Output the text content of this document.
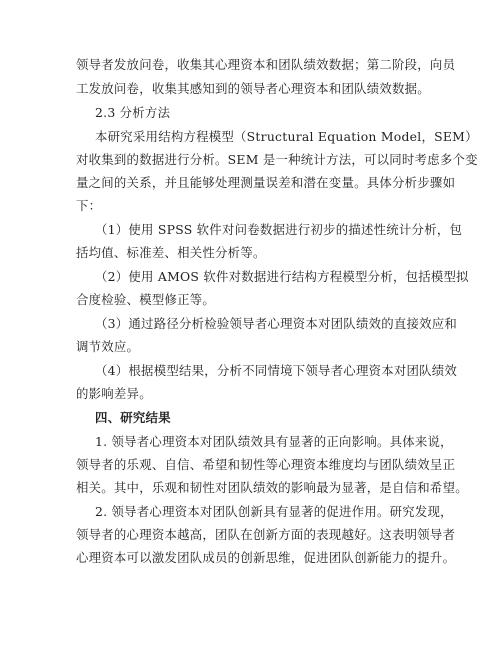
领导者发放问卷，收集其心理资本和团队绩效数据；第二阶段，向员
工发放问卷，收集其感知到的领导者心理资本和团队绩效数据。
2.3 分析方法
本研究采用结构方程模型（Structural Equation Model，SEM）
对收集到的数据进行分析。SEM 是一种统计方法，可以同时考虑多个变
量之间的关系，并且能够处理测量误差和潜在变量。具体分析步骤如
下：
（1）使用 SPSS 软件对问卷数据进行初步的描述性统计分析，包
括均值、标准差、相关性分析等。
（2）使用 AMOS 软件对数据进行结构方程模型分析，包括模型拟
合度检验、模型修正等。
（3）通过路径分析检验领导者心理资本对团队绩效的直接效应和
调节效应。
（4）根据模型结果，分析不同情境下领导者心理资本对团队绩效
的影响差异。
四、研究结果
1. 领导者心理资本对团队绩效具有显著的正向影响。具体来说，
领导者的乐观、自信、希望和韧性等心理资本维度均与团队绩效呈正
相关。其中，乐观和韧性对团队绩效的影响最为显著，是自信和希望。
2. 领导者心理资本对团队创新具有显著的促进作用。研究发现，
领导者的心理资本越高，团队在创新方面的表现越好。这表明领导者
心理资本可以激发团队成员的创新思维，促进团队创新能力的提升。
